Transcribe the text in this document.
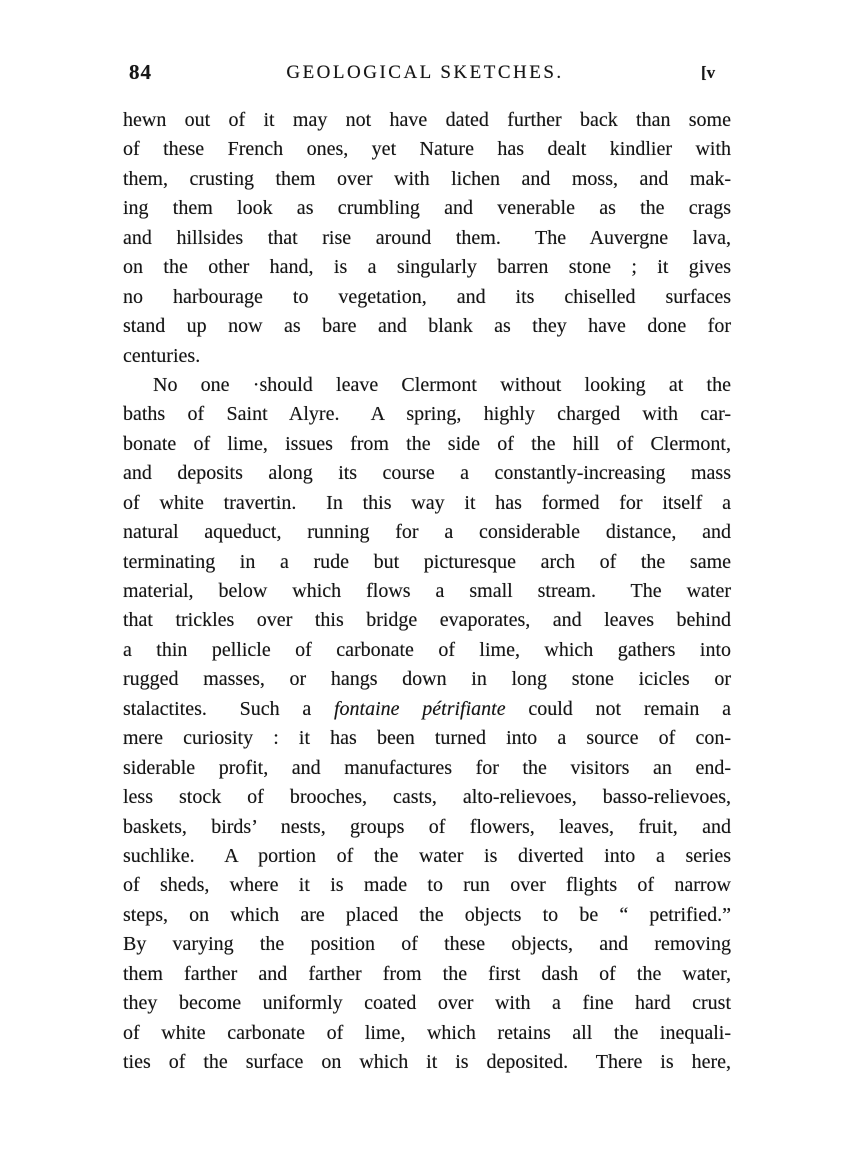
84	GEOLOGICAL SKETCHES.	[v
hewn out of it may not have dated further back than some
of these French ones, yet Nature has dealt kindlier with
them, crusting them over with lichen and moss, and mak-
ing them look as crumbling and venerable as the crags
and hillsides that rise around them.  The Auvergne lava,
on the other hand, is a singularly barren stone ; it gives
no harbourage to vegetation, and its chiselled surfaces
stand up now as bare and blank as they have done for
centuries.
No one ·should leave Clermont without looking at the
baths of Saint Alyre.  A spring, highly charged with car-
bonate of lime, issues from the side of the hill of Clermont,
and deposits along its course a constantly-increasing mass
of white travertin.  In this way it has formed for itself a
natural aqueduct, running for a considerable distance, and
terminating in a rude but picturesque arch of the same
material, below which flows a small stream.  The water
that trickles over this bridge evaporates, and leaves behind
a thin pellicle of carbonate of lime, which gathers into
rugged masses, or hangs down in long stone icicles or
stalactites.  Such a fontaine pétrifiante could not remain a
mere curiosity : it has been turned into a source of con-
siderable profit, and manufactures for the visitors an end-
less stock of brooches, casts, alto-relievoes, basso-relievoes,
baskets, birds’ nests, groups of flowers, leaves, fruit, and
suchlike.  A portion of the water is diverted into a series
of sheds, where it is made to run over flights of narrow
steps, on which are placed the objects to be “ petrified.”
By varying the position of these objects, and removing
them farther and farther from the first dash of the water,
they become uniformly coated over with a fine hard crust
of white carbonate of lime, which retains all the inequali-
ties of the surface on which it is deposited.  There is here,
